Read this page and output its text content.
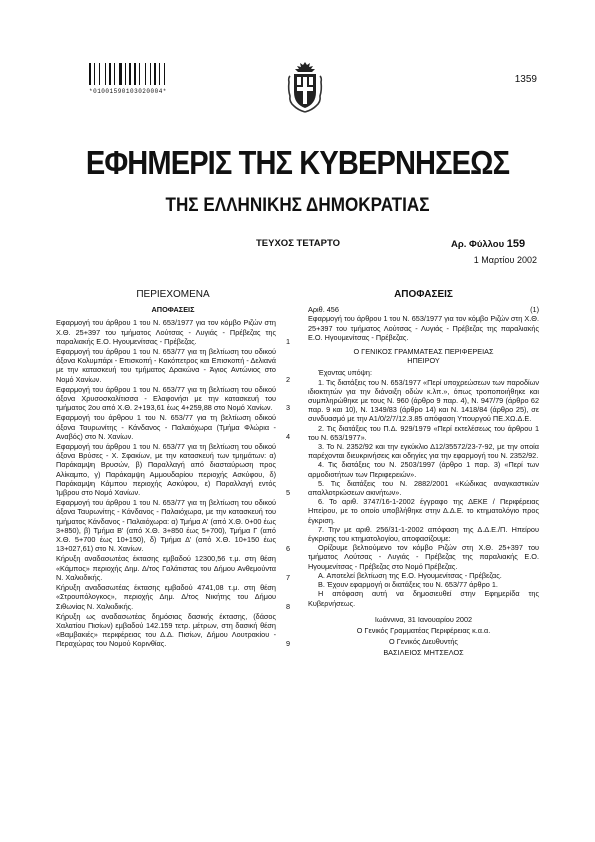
*01001590103020004*
1359
ΕΦΗΜΕΡΙΣ ΤΗΣ ΚΥΒΕΡΝΗΣΕΩΣ
ΤΗΣ ΕΛΛΗΝΙΚΗΣ ΔΗΜΟΚΡΑΤΙΑΣ
ΤΕΥΧΟΣ ΤΕΤΑΡΤΟ	Αρ. Φύλλου 159
1 Μαρτίου 2002
ΠΕΡΙΕΧΟΜΕΝΑ
ΑΠΟΦΑΣΕΙΣ
Εφαρμογή του άρθρου 1 του Ν. 653/1977 για τον κόμβο Ριζών στη Χ.Θ. 25+397 του τμήματος Λούτσας - Λυγιάς - Πρέβεζας της παραλιακής Ε.Ο. Ηγουμενίτσας - Πρέβεζας.	1
Εφαρμογή του άρθρου 1 του Ν. 653/77 για τη βελτίωση του οδικού άξονα Κολυμπάρι - Επισκοπή - Κακόπετρος και Επισκοπή - Δελιανά με την κατασκευή του τμήματος Δρακώνα - Άγιος Αντώνιος στο Νομό Χανίων.	2
Εφαρμογή του άρθρου 1 του Ν. 653/77 για τη βελτίωση του οδικού άξονα Χρυσοσκαλίτισσα - Ελαφονήσι με την κατασκευή του τμήματος 2ου από Χ.Θ. 2+193,61 έως 4+259,88 στο Νομό Χανίων.	3
Εφαρμογή του άρθρου 1 του Ν. 653/77 για τη βελτίωση οδικού άξονα Ταυρωνίτης - Κάνδανος - Παλαιόχωρα (Τμήμα Φλώρια - Αναβός) στο Ν. Χανίων.	4
Εφαρμογή του άρθρου 1 του Ν. 653/77 για τη βελτίωση του οδικού άξονα Βρύσες - Χ. Σφακίων, με την κατασκευή των τμημάτων: α) Παράκαμψη Βρυσών, β) Παραλλαγή από διασταύρωση προς Αλίκαμπο, γ) Παράκαμψη Αμμουδαρίου περιοχής Ασκύφου, δ) Παράκαμψη Κάμπου περιοχής Ασκύφου, ε) Παραλλαγή εντός Ίμβρου στο Νομό Χανίων.	5
Εφαρμογή του άρθρου 1 του Ν. 653/77 για τη βελτίωση του οδικού άξονα Ταυρωνίτης - Κάνδανος - Παλαιόχωρα, με την κατασκευή του τμήματος Κάνδανος - Παλαιόχωρα: α) Τμήμα Α' (από Χ.Θ. 0+00 έως 3+850), β) Τμήμα Β' (από Χ.Θ. 3+850 έως 5+700), Τμήμα Γ (από Χ.Θ. 5+700 έως 10+150), δ) Τμήμα Δ' (από Χ.Θ. 10+150 έως 13+027,61) στο Ν. Χανίων.	6
Κήρυξη αναδασωτέας έκτασης εμβαδού 12300,56 τ.μ. στη θέση «Κάμπος» περιοχής Δημ. Δ/τος Γαλάτιστας του Δήμου Ανθεμούντα Ν. Χαλκιδικής.	7
Κήρυξη αναδασωτέας έκτασης εμβαδού 4741,08 τ.μ. στη θέση «Στρουπόλογκος», περιοχής Δημ. Δ/τος Νικήτης του Δήμου Σιθωνίας Ν. Χαλκιδικής.	8
Κήρυξη ως αναδασωτέας δημόσιας δασικής έκτασης, (δάσος Χαλατίου Πισίων) εμβαδού 142.159 τετρ. μέτρων, στη δασική θέση «Βαμβακιές» περιφέρειας του Δ.Δ. Πισίων, Δήμου Λουτρακίου - Περαχώρας του Νομού Κορινθίας.	9
ΑΠΟΦΑΣΕΙΣ
Αριθ. 456	(1)

Εφαρμογή του άρθρου 1 του Ν. 653/1977 για τον κόμβο Ριζών στη Χ.Θ. 25+397 του τμήματος Λούτσας - Λυγιάς - Πρέβεζας της παραλιακής Ε.Ο. Ηγουμενίτσας - Πρέβεζας.

Ο ΓΕΝΙΚΟΣ ΓΡΑΜΜΑΤΕΑΣ ΠΕΡΙΦΕΡΕΙΑΣ
ΗΠΕΙΡΟΥ

Έχοντας υπόψη:

1. Τις διατάξεις του Ν. 653/1977 «Περί υποχρεώσεων των παροδίων ιδιοκτητών για την διάνοιξη οδών κ.λπ.», όπως τροποποιήθηκε και συμπληρώθηκε με τους Ν. 960 (άρθρο 9 παρ. 4), Ν. 947/79 (άρθρο 62 παρ. 9 και 10), Ν. 1349/83 (άρθρο 14) και Ν. 1418/84 (άρθρο 25), σε συνδυασμό με την Α1/0/2/7/12.3.85 απόφαση Υπουργού ΠΕ.ΧΩ.Δ.Ε.

2. Τις διατάξεις του Π.Δ. 929/1979 «Περί εκτελέσεως του άρθρου 1 του Ν. 653/1977».

3. Το Ν. 2352/92 και την εγκύκλιο Δ12/35572/23-7-92, με την οποία παρέχονται διευκρινήσεις και οδηγίες για την εφαρμογή του Ν. 2352/92.

4. Τις διατάξεις του Ν. 2503/1997 (άρθρο 1 παρ. 3) «Περί των αρμοδιοτήτων των Περιφερειών».

5. Τις διατάξεις του Ν. 2882/2001 «Κώδικας αναγκαστικών απαλλοτριώσεων ακινήτων».

6. Το αριθ. 3747/16-1-2002 έγγραφο της ΔΕΚΕ / Περιφέρειας Ηπείρου, με το οποίο υποβλήθηκε στην Δ.Δ.Ε. το κτηματολόγιο προς έγκριση.

7. Την με αριθ. 256/31-1-2002 απόφαση της Δ.Δ.Ε./Π. Ηπείρου έγκρισης του κτηματολογίου, αποφασίζουμε:

Ορίζουμε βελτιούμενο τον κόμβο Ριζών στη Χ.Θ. 25+397 του τμήματος Λούτσας - Λυγιάς - Πρέβεζας της παραλιακής Ε.Ο. Ηγουμενίτσας - Πρέβεζας στο Νομό Πρέβεζας.

Α. Αποτελεί βελτίωση της Ε.Ο. Ηγουμενίτσας - Πρέβεζας.

Β. Έχουν εφαρμογή οι διατάξεις του Ν. 653/77 άρθρο 1.

Η απόφαση αυτή να δημοσιευθεί στην Εφημερίδα της Κυβερνήσεως.

Ιωάννινα, 31 Ιανουαρίου 2002
Ο Γενικός Γραμματέας Περιφέρειας κ.α.α.
Ο Γενικός Διευθυντής
ΒΑΣΙΛΕΙΟΣ ΜΗΤΣΕΛΟΣ
